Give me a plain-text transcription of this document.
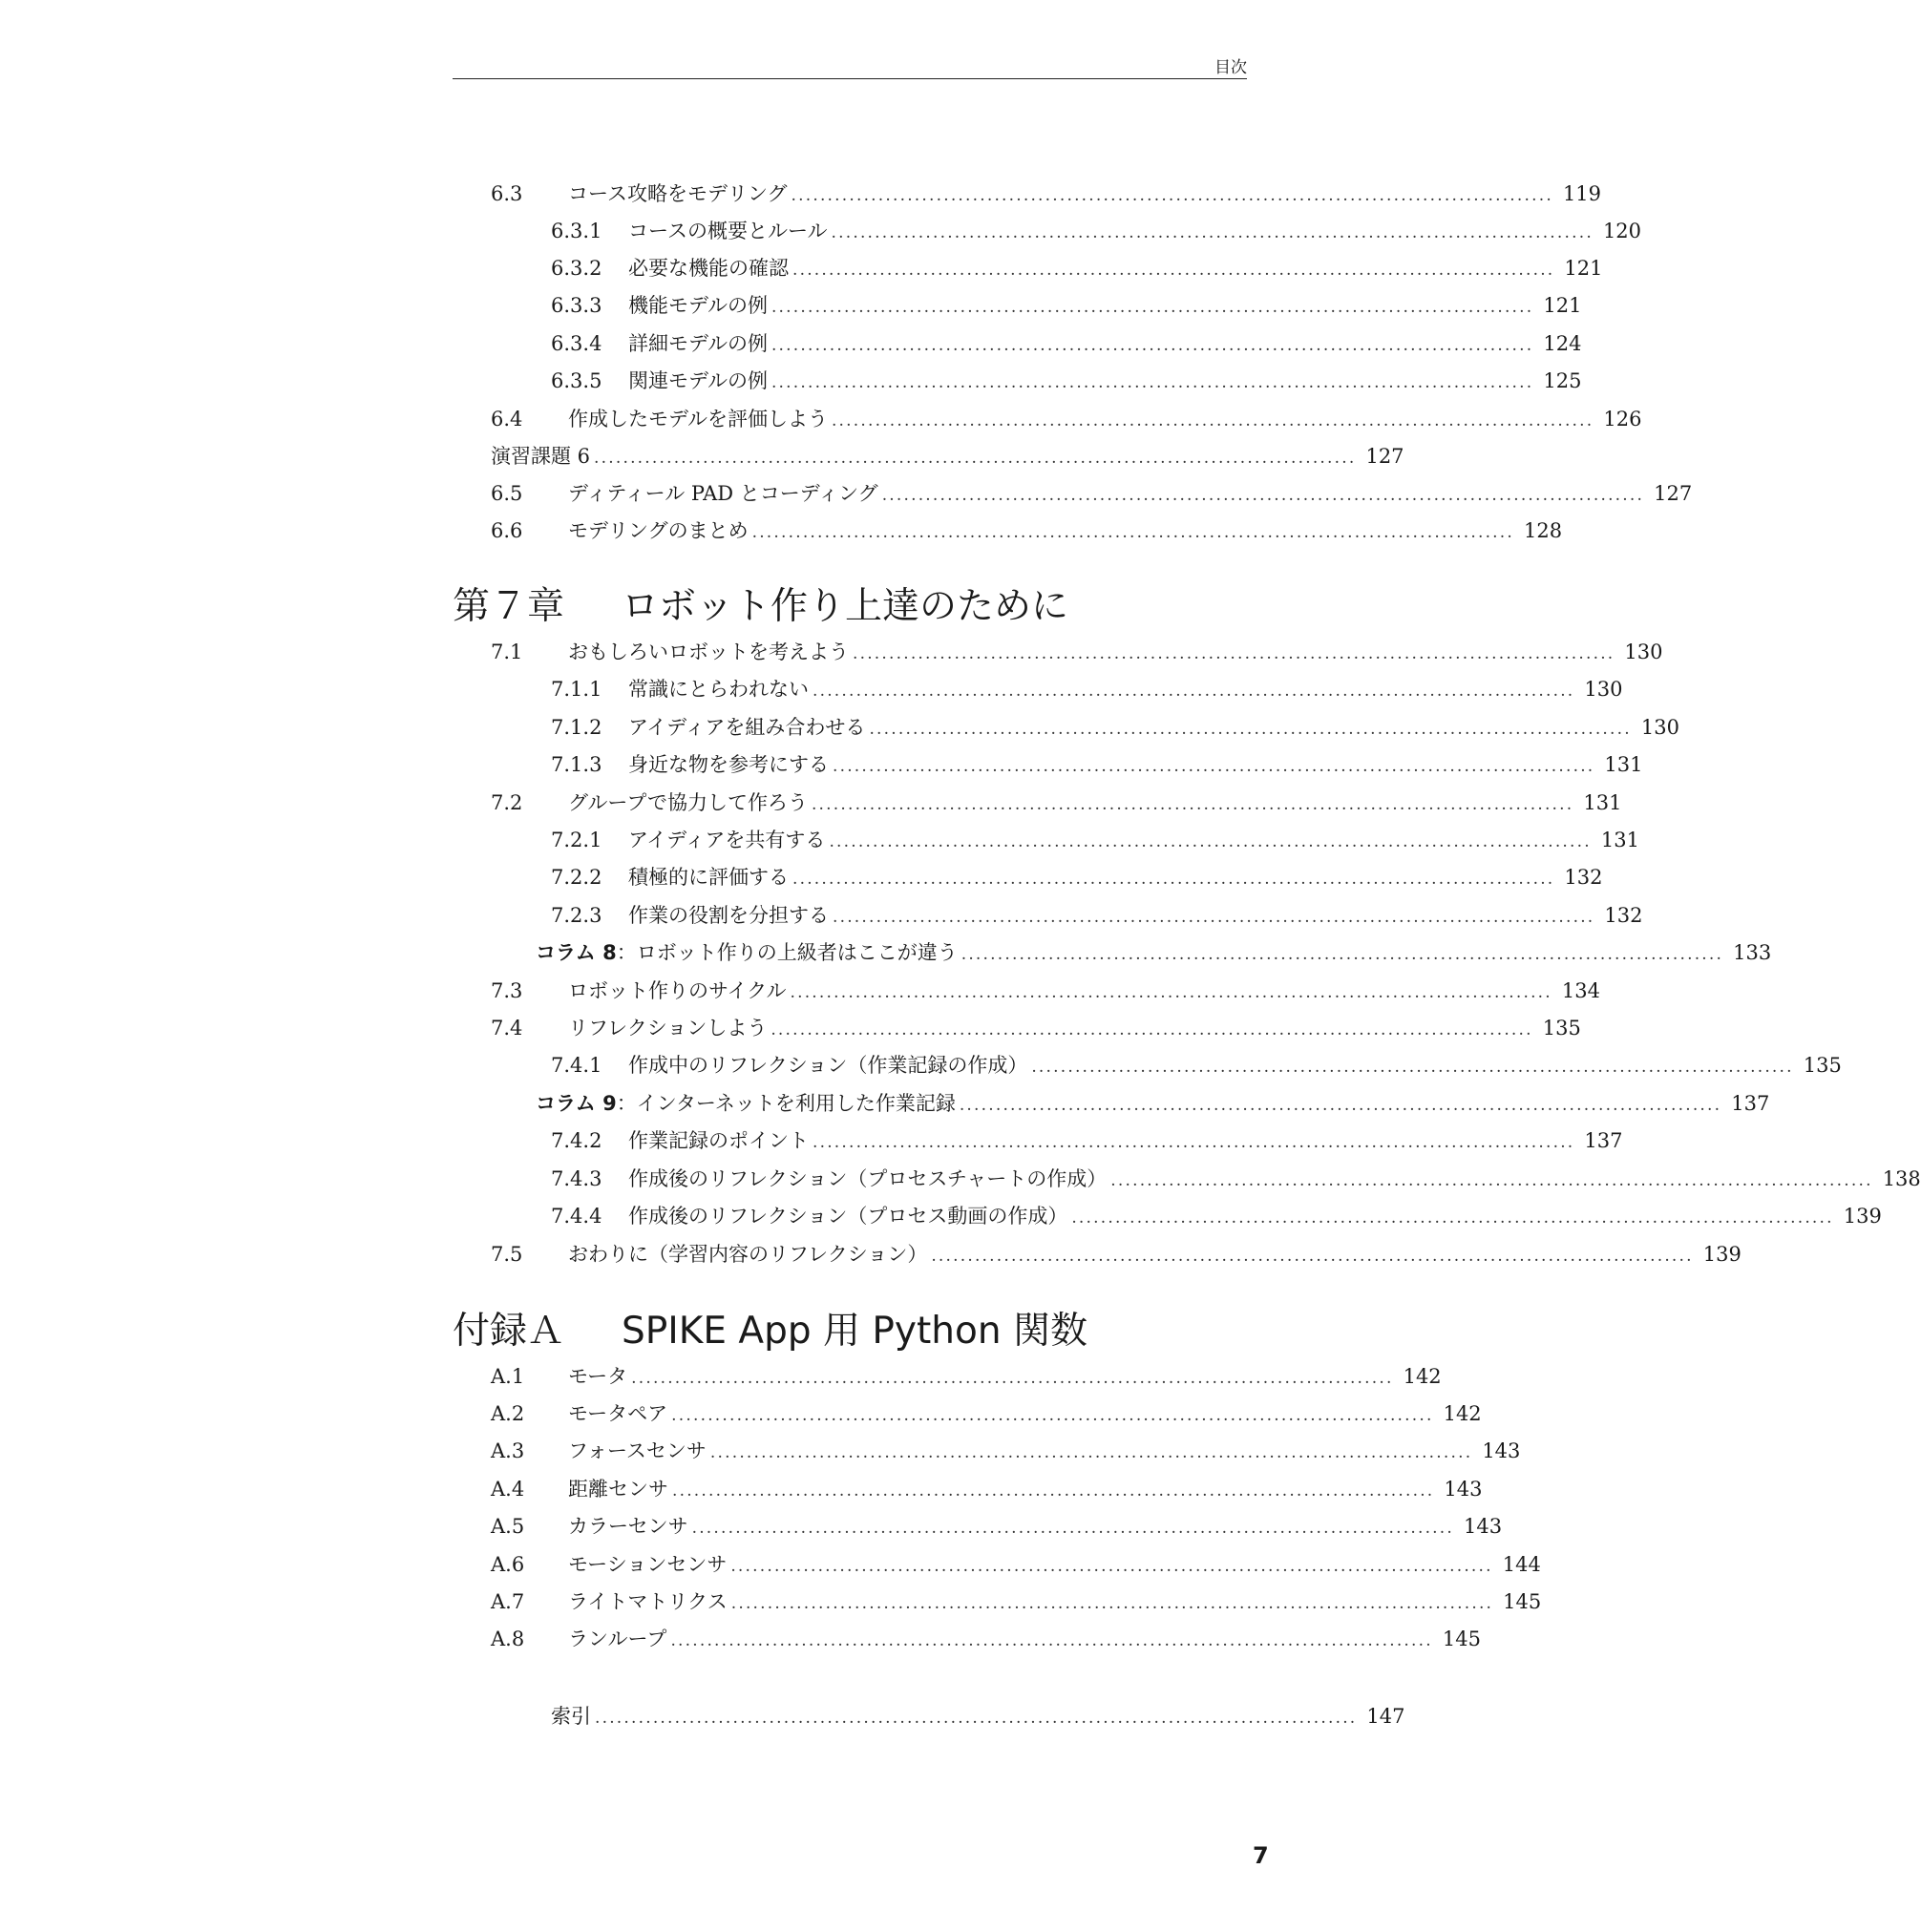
目次
6.3 コース攻略をモデリング ......................................................................................................... 119
6.3.1 コースの概要とルール ......................................................................................................... 120
6.3.2 必要な機能の確認 ......................................................................................................... 121
6.3.3 機能モデルの例 ......................................................................................................... 121
6.3.4 詳細モデルの例 ......................................................................................................... 124
6.3.5 関連モデルの例 ......................................................................................................... 125
6.4 作成したモデルを評価しよう ......................................................................................................... 126
演習課題 6 ......................................................................................................... 127
6.5 ディティール PAD とコーディング ......................................................................................................... 127
6.6 モデリングのまとめ ......................................................................................................... 128
第７章 ロボット作り上達のために
7.1 おもしろいロボットを考えよう ......................................................................................................... 130
7.1.1 常識にとらわれない ......................................................................................................... 130
7.1.2 アイディアを組み合わせる ......................................................................................................... 130
7.1.3 身近な物を参考にする ......................................................................................................... 131
7.2 グループで協力して作ろう ......................................................................................................... 131
7.2.1 アイディアを共有する ......................................................................................................... 131
7.2.2 積極的に評価する ......................................................................................................... 132
7.2.3 作業の役割を分担する ......................................................................................................... 132
コラム 8：ロボット作りの上級者はここが違う ......................................................................................................... 133
7.3 ロボット作りのサイクル ......................................................................................................... 134
7.4 リフレクションしよう ......................................................................................................... 135
7.4.1 作成中のリフレクション（作業記録の作成） ......................................................................................................... 135
コラム 9：インターネットを利用した作業記録 ......................................................................................................... 137
7.4.2 作業記録のポイント ......................................................................................................... 137
7.4.3 作成後のリフレクション（プロセスチャートの作成） ......................................................................................................... 138
7.4.4 作成後のリフレクション（プロセス動画の作成） ......................................................................................................... 139
7.5 おわりに（学習内容のリフレクション） ......................................................................................................... 139
付録Ａ SPIKE App 用 Python 関数
A.1 モータ ......................................................................................................... 142
A.2 モータペア ......................................................................................................... 142
A.3 フォースセンサ ......................................................................................................... 143
A.4 距離センサ ......................................................................................................... 143
A.5 カラーセンサ ......................................................................................................... 143
A.6 モーションセンサ ......................................................................................................... 144
A.7 ライトマトリクス ......................................................................................................... 145
A.8 ランループ ......................................................................................................... 145
索引 ......................................................................................................... 147
7
